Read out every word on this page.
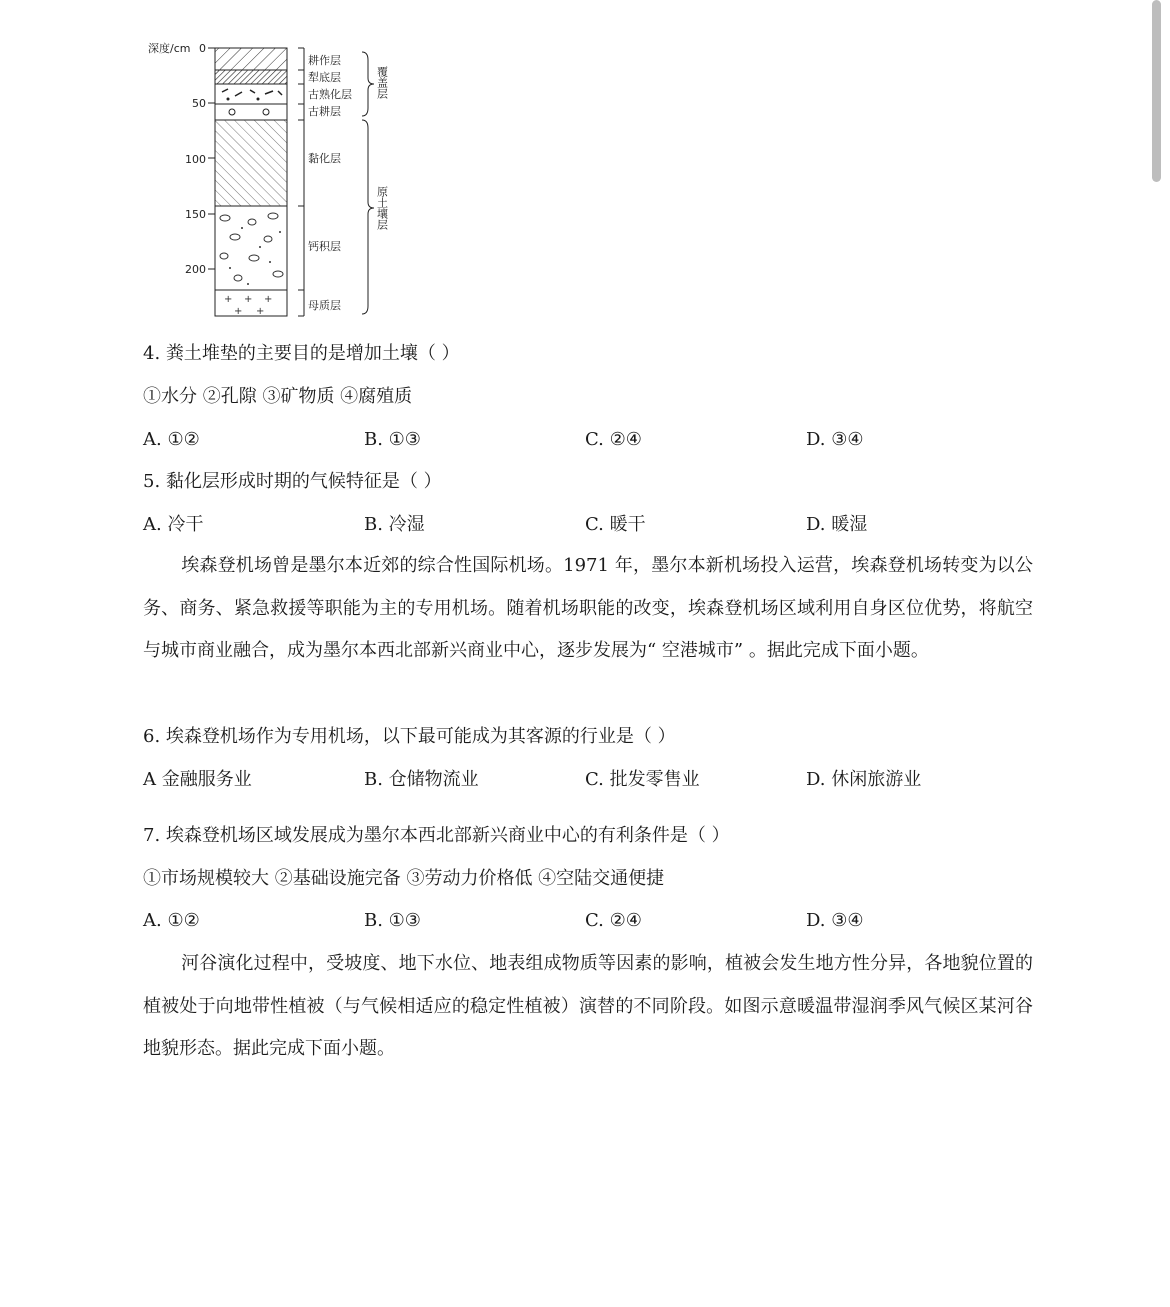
深度/cm 0
50
100
150
200
+ + +
+ +
耕作层
犁底层
古熟化层
古耕层
黏化层
钙积层
母质层
覆盖层
原土壤层
4. 粪土堆垫的主要目的是增加土壤（ ）
①水分 ②孔隙 ③矿物质 ④腐殖质
A. ①②	B. ①③	C. ②④	D. ③④
5. 黏化层形成时期的气候特征是（ ）
A. 冷干	B. 冷湿	C. 暖干	D. 暖湿
埃森登机场曾是墨尔本近郊的综合性国际机场。1971 年，墨尔本新机场投入运营，埃森登机场转变为以公务、商务、紧急救援等职能为主的专用机场。随着机场职能的改变，埃森登机场区域利用自身区位优势，将航空与城市商业融合，成为墨尔本西北部新兴商业中心，逐步发展为“ 空港城市” 。据此完成下面小题。
6. 埃森登机场作为专用机场，以下最可能成为其客源的行业是（ ）
A 金融服务业	B. 仓储物流业	C. 批发零售业	D. 休闲旅游业
7. 埃森登机场区域发展成为墨尔本西北部新兴商业中心的有利条件是（ ）
①市场规模较大 ②基础设施完备 ③劳动力价格低 ④空陆交通便捷
A. ①②	B. ①③	C. ②④	D. ③④
河谷演化过程中，受坡度、地下水位、地表组成物质等因素的影响，植被会发生地方性分异，各地貌位置的植被处于向地带性植被（与气候相适应的稳定性植被）演替的不同阶段。如图示意暖温带湿润季风气候区某河谷地貌形态。据此完成下面小题。
